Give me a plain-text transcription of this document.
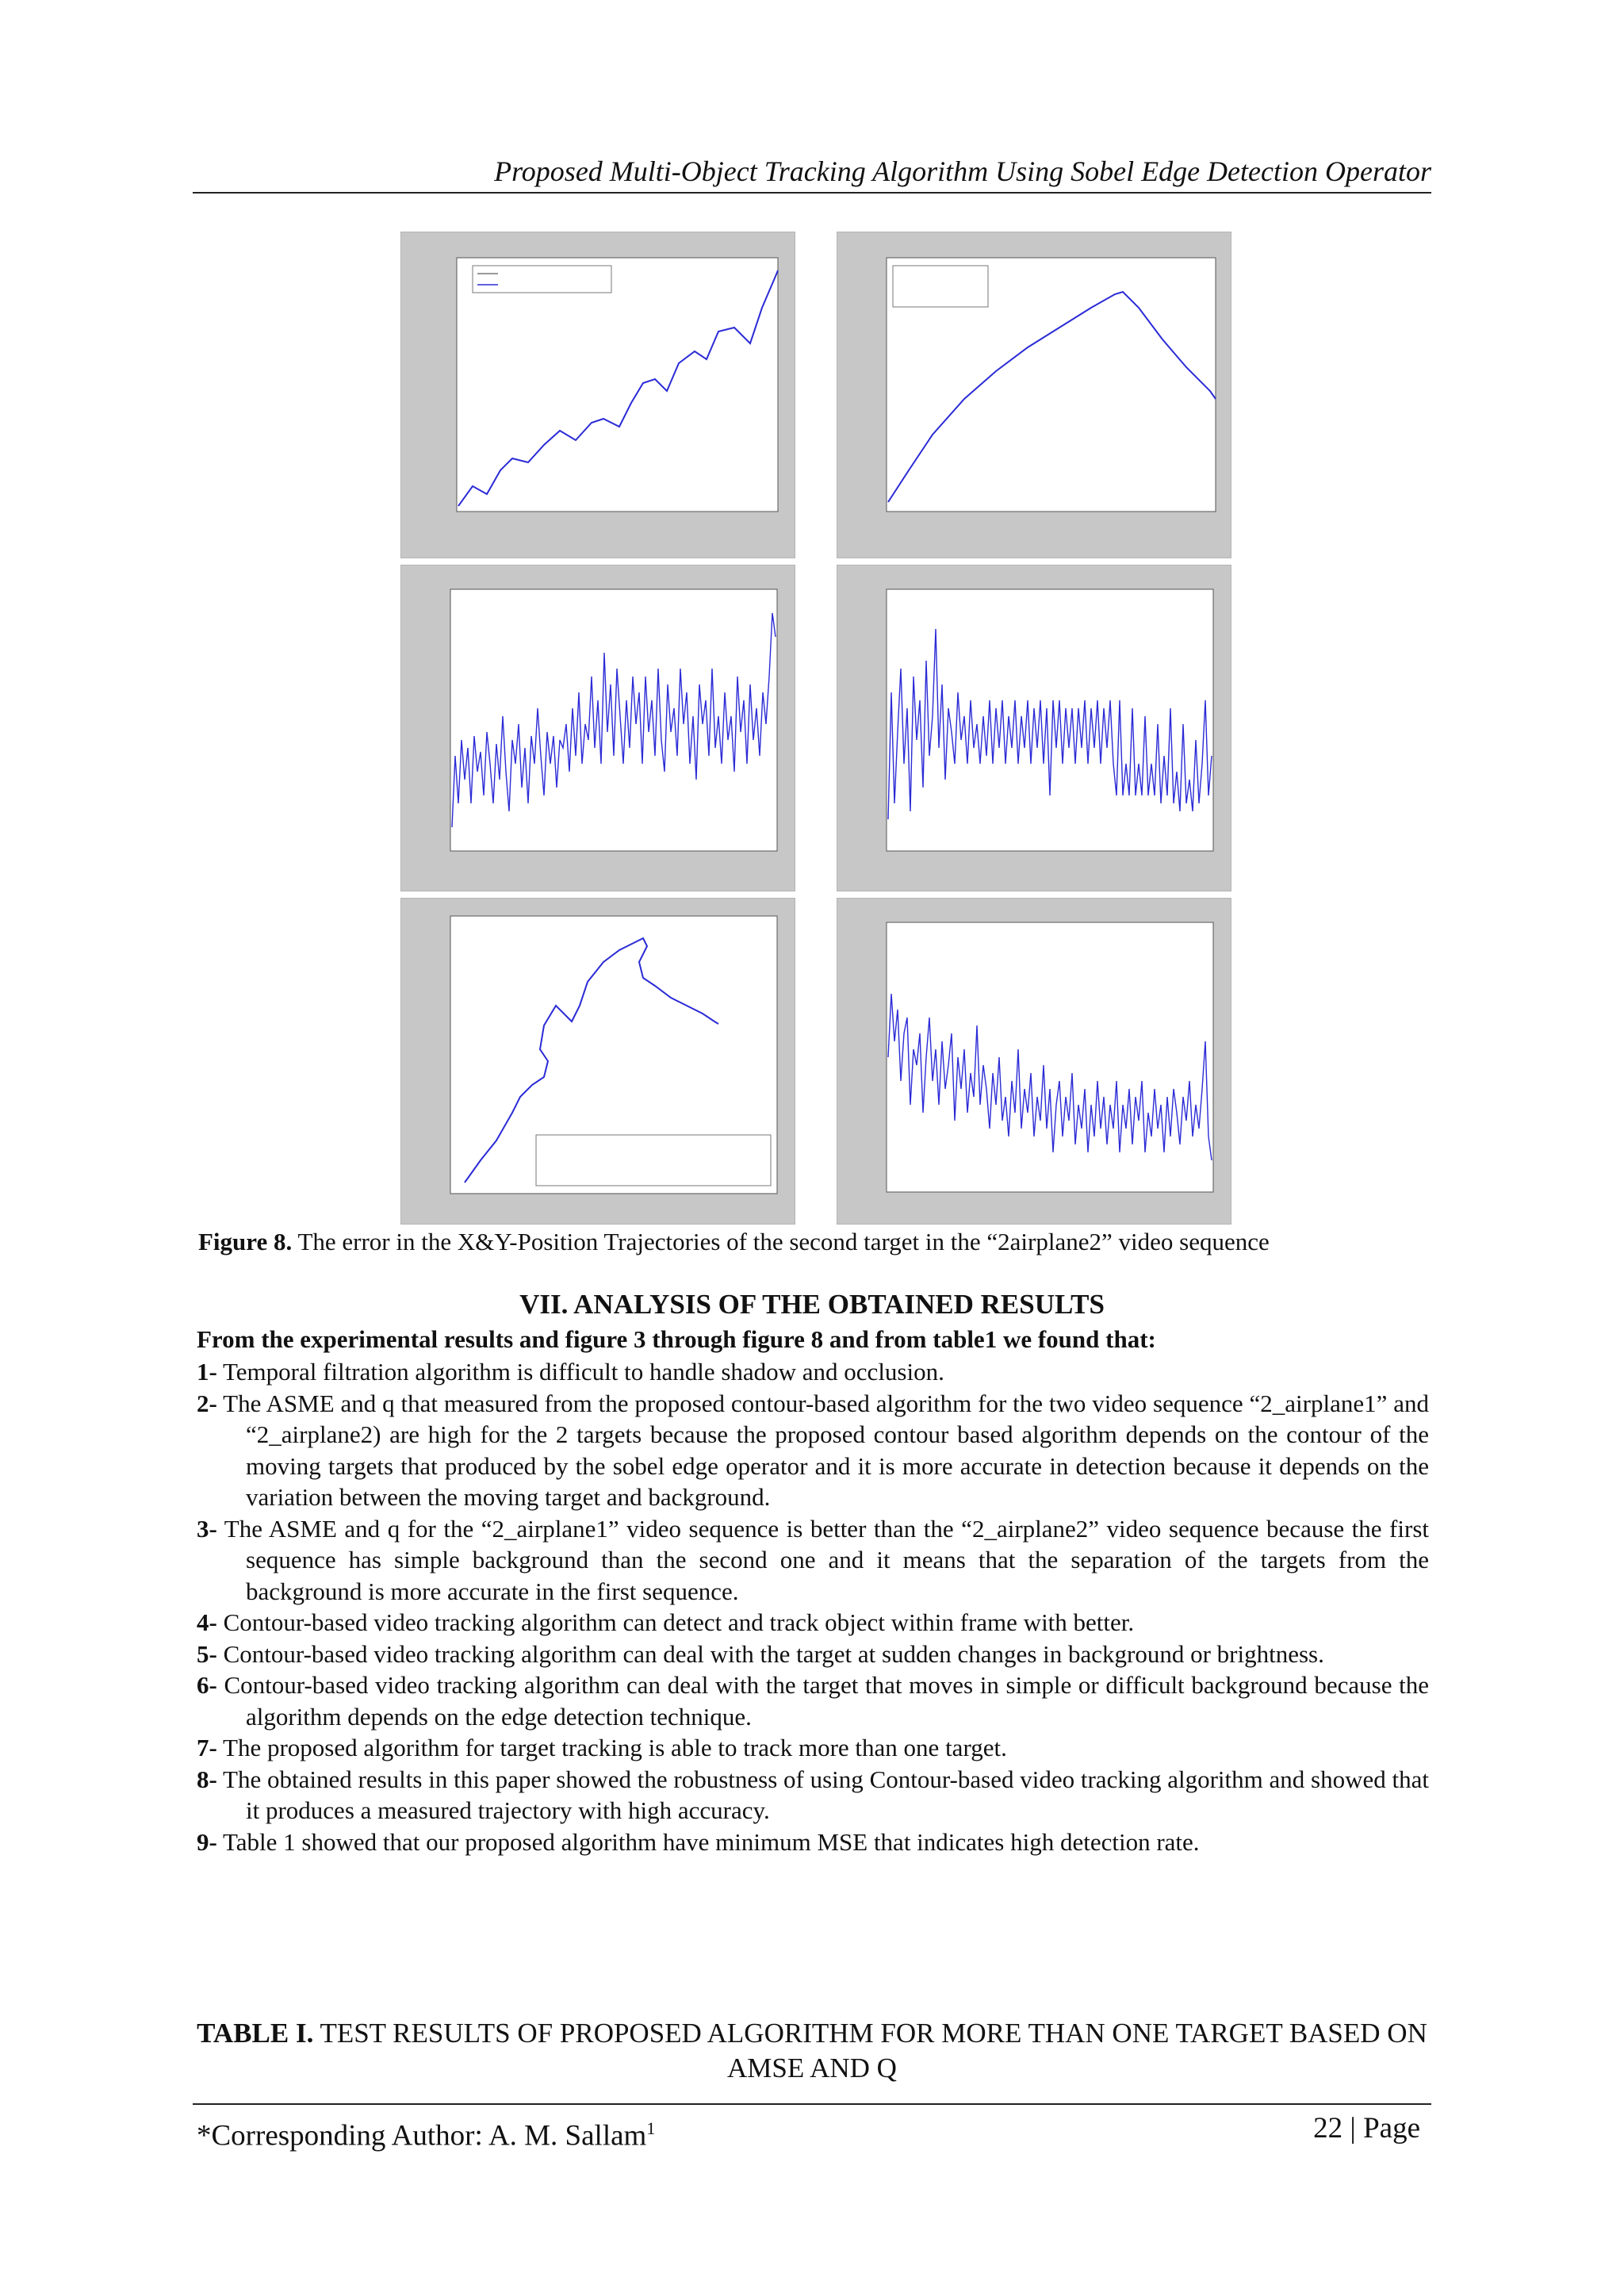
Proposed Multi-Object Tracking Algorithm Using Sobel Edge Detection Operator
Figure 8. The error in the X&Y-Position Trajectories of the second target in the “2airplane2” video sequence
VII. ANALYSIS OF THE OBTAINED RESULTS
From the experimental results and figure 3 through figure 8 and from table1 we found that:
1- Temporal filtration algorithm is difficult to handle shadow and occlusion.
2- The ASME and q that measured from the proposed contour-based algorithm for the two video sequence “2_airplane1” and “2_airplane2) are high for the 2 targets because the proposed contour based algorithm depends on the contour of the moving targets that produced by the sobel edge operator and it is more accurate in detection because it depends on the variation between the moving target and background.
3- The ASME and q for the “2_airplane1” video sequence is better than the “2_airplane2” video sequence because the first sequence has simple background than the second one and it means that the separation of the targets from the background is more accurate in the first sequence.
4- Contour-based video tracking algorithm can detect and track object within frame with better.
5- Contour-based video tracking algorithm can deal with the target at sudden changes in background or brightness.
6- Contour-based video tracking algorithm can deal with the target that moves in simple or difficult background because the algorithm depends on the edge detection technique.
7- The proposed algorithm for target tracking is able to track more than one target.
8- The obtained results in this paper showed the robustness of using Contour-based video tracking algorithm and showed that it produces a measured trajectory with high accuracy.
9- Table 1 showed that our proposed algorithm have minimum MSE that indicates high detection rate.
TABLE I. TEST RESULTS OF PROPOSED ALGORITHM FOR MORE THAN ONE TARGET BASED ON AMSE AND Q
*Corresponding Author: A. M. Sallam$^1$	22 | Page
